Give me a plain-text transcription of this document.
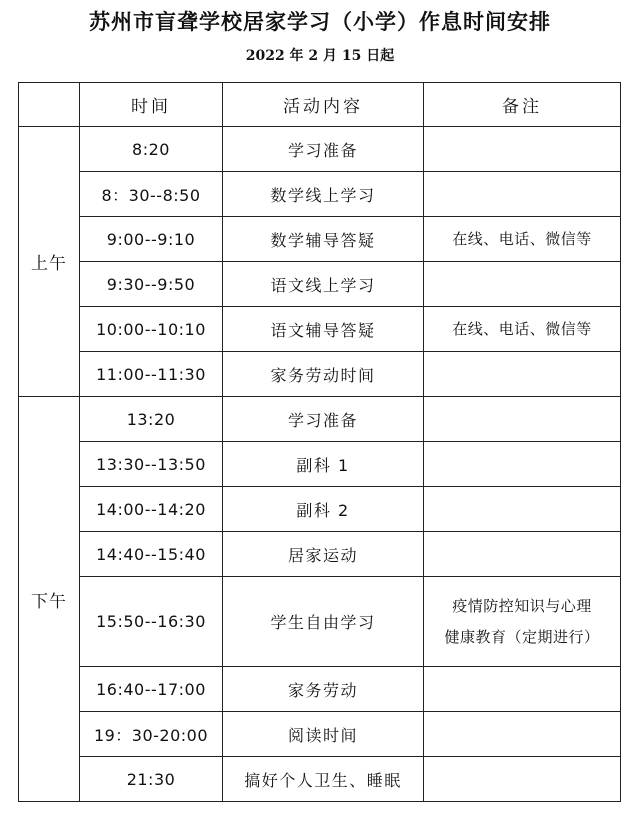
苏州市盲聋学校居家学习（小学）作息时间安排
2022 年 2 月 15 日起
	时间	活动内容	备注
上午	8:20	学习准备	
	8：30--8:50	数学线上学习	
	9:00--9:10	数学辅导答疑	在线、电话、微信等
	9:30--9:50	语文线上学习	
	10:00--10:10	语文辅导答疑	在线、电话、微信等
	11:00--11:30	家务劳动时间	
下午	13:20	学习准备	
	13:30--13:50	副科 1	
	14:00--14:20	副科 2	
	14:40--15:40	居家运动	
	15:50--16:30	学生自由学习	疫情防控知识与心理
健康教育（定期进行）

	16:40--17:00	家务劳动	
	19：30-20:00	阅读时间	
	21:30	搞好个人卫生、睡眠	
